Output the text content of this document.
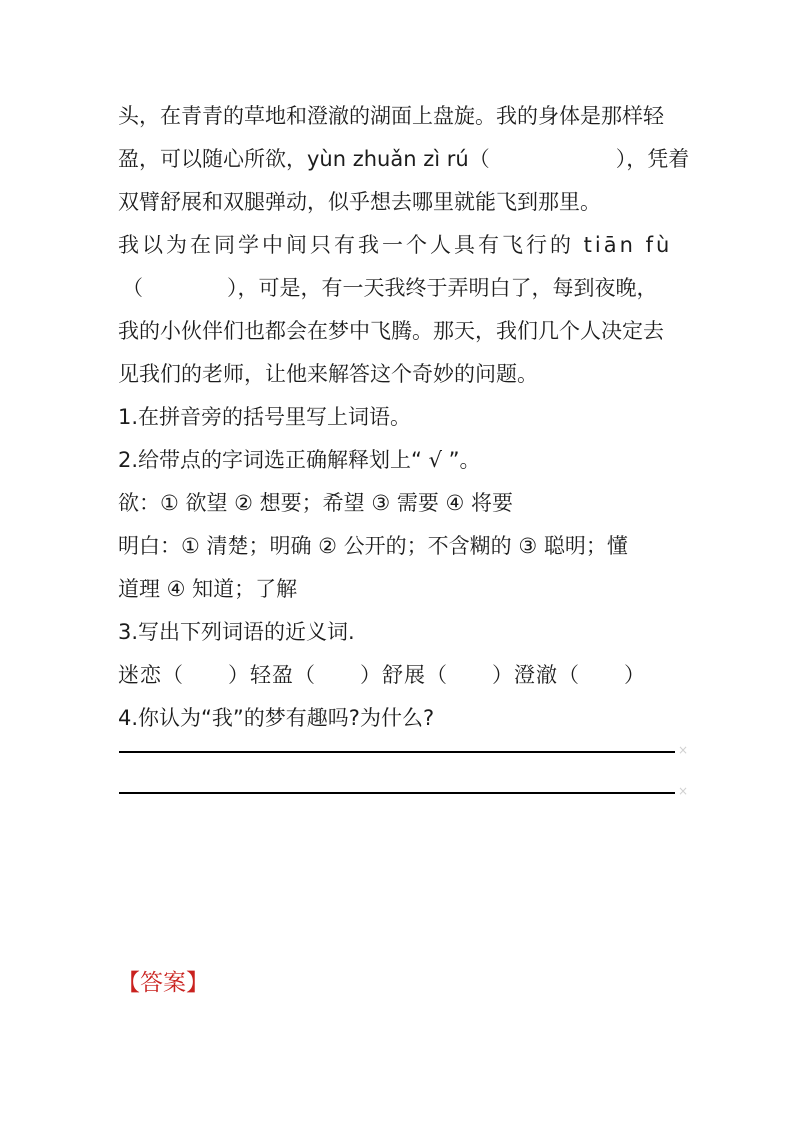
头，在青青的草地和澄澈的湖面上盘旋。我的身体是那样轻
盈，可以随心所欲，yùn zhuǎn zì rú（　　　　　　），凭着
双臂舒展和双腿弹动，似乎想去哪里就能飞到那里。
我以为在同学中间只有我一个人具有飞行的 tiān fù
（　　　　），可是，有一天我终于弄明白了，每到夜晚，
我的小伙伴们也都会在梦中飞腾。那天，我们几个人决定去
见我们的老师，让他来解答这个奇妙的问题。
1.在拼音旁的括号里写上词语。
2.给带点的字词选正确解释划上“ √ ”。
欲：① 欲望 ② 想要；希望 ③ 需要 ④ 将要
明白：① 清楚；明确 ② 公开的；不含糊的 ③ 聪明；懂
道理 ④ 知道；了解
3.写出下列词语的近义词.
迷恋（　　）轻盈（　　）舒展（　　）澄澈（　　）
4.你认为“我”的梦有趣吗?为什么?
×
×
【答案】
